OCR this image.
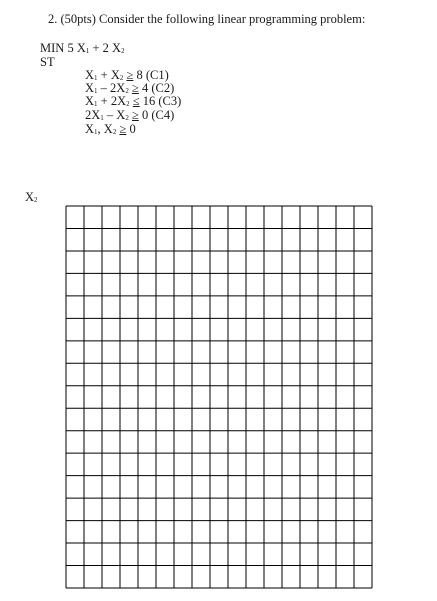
2. (50pts) Consider the following linear programming problem:
MIN 5 $X_1 + 2$ $X_2$
ST
$X_1 + X_2 \ge 8$ (C1)
$X_1 - 2X_2 \ge 4$ (C2)
$X_1 + 2X_2 \le 16$ (C3)
$2X_1 - X_2 \ge 0$ (C4)
$X_1$, $X_2 \ge 0$
$X_2$
